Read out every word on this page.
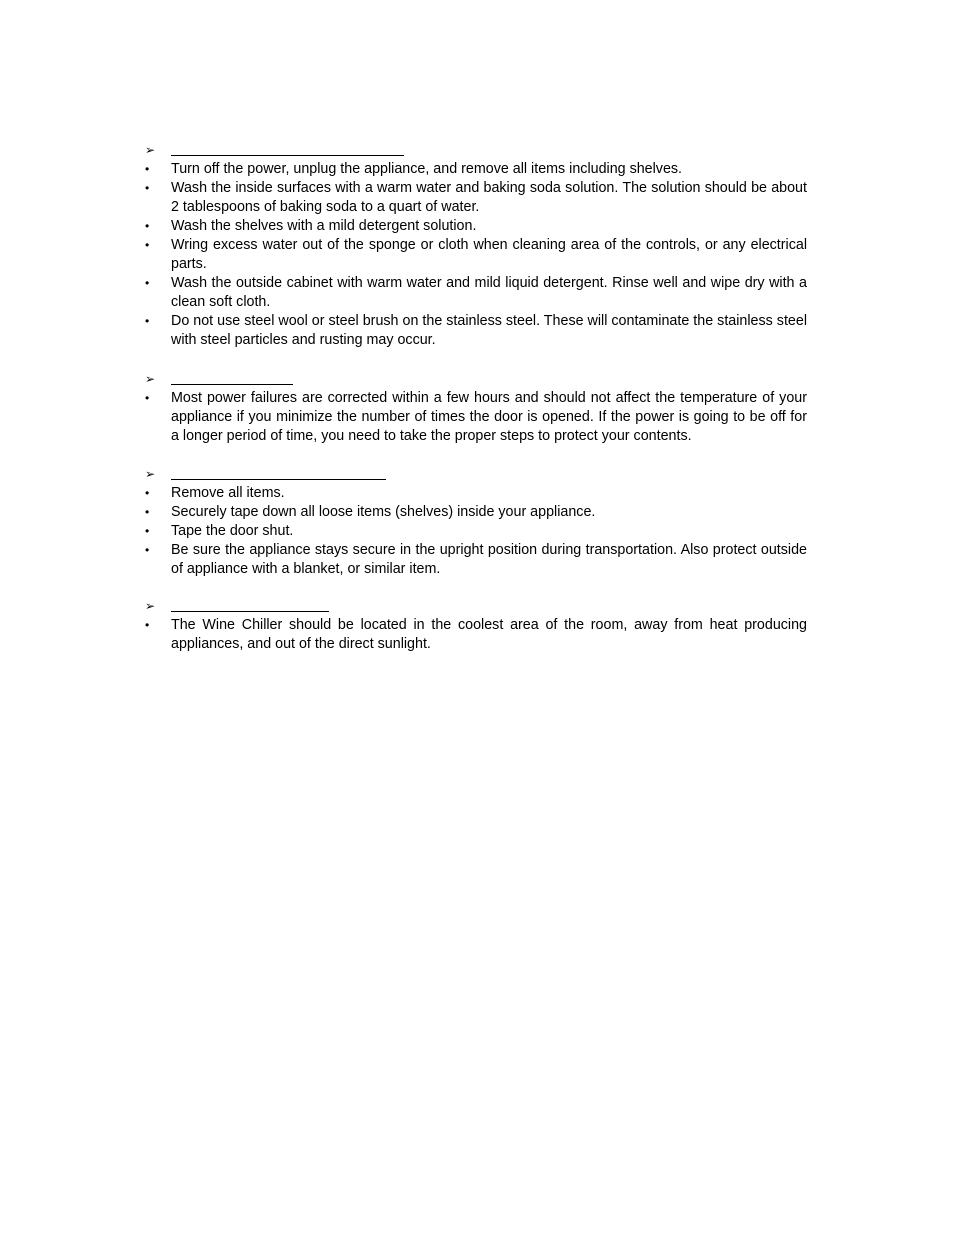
➢
• Turn off the power, unplug the appliance, and remove all items including shelves.
• Wash the inside surfaces with a warm water and baking soda solution. The solution should be about 2 tablespoons of baking soda to a quart of water.
• Wash the shelves with a mild detergent solution.
• Wring excess water out of the sponge or cloth when cleaning area of the controls, or any electrical parts.
• Wash the outside cabinet with warm water and mild liquid detergent. Rinse well and wipe dry with a clean soft cloth.
• Do not use steel wool or steel brush on the stainless steel. These will contaminate the stainless steel with steel particles and rusting may occur.
➢
• Most power failures are corrected within a few hours and should not affect the temperature of your appliance if you minimize the number of times the door is opened. If the power is going to be off for a longer period of time, you need to take the proper steps to protect your contents.
➢
• Remove all items.
• Securely tape down all loose items (shelves) inside your appliance.
• Tape the door shut.
• Be sure the appliance stays secure in the upright position during transportation. Also protect outside of appliance with a blanket, or similar item.
➢
• The Wine Chiller should be located in the coolest area of the room, away from heat producing appliances, and out of the direct sunlight.
